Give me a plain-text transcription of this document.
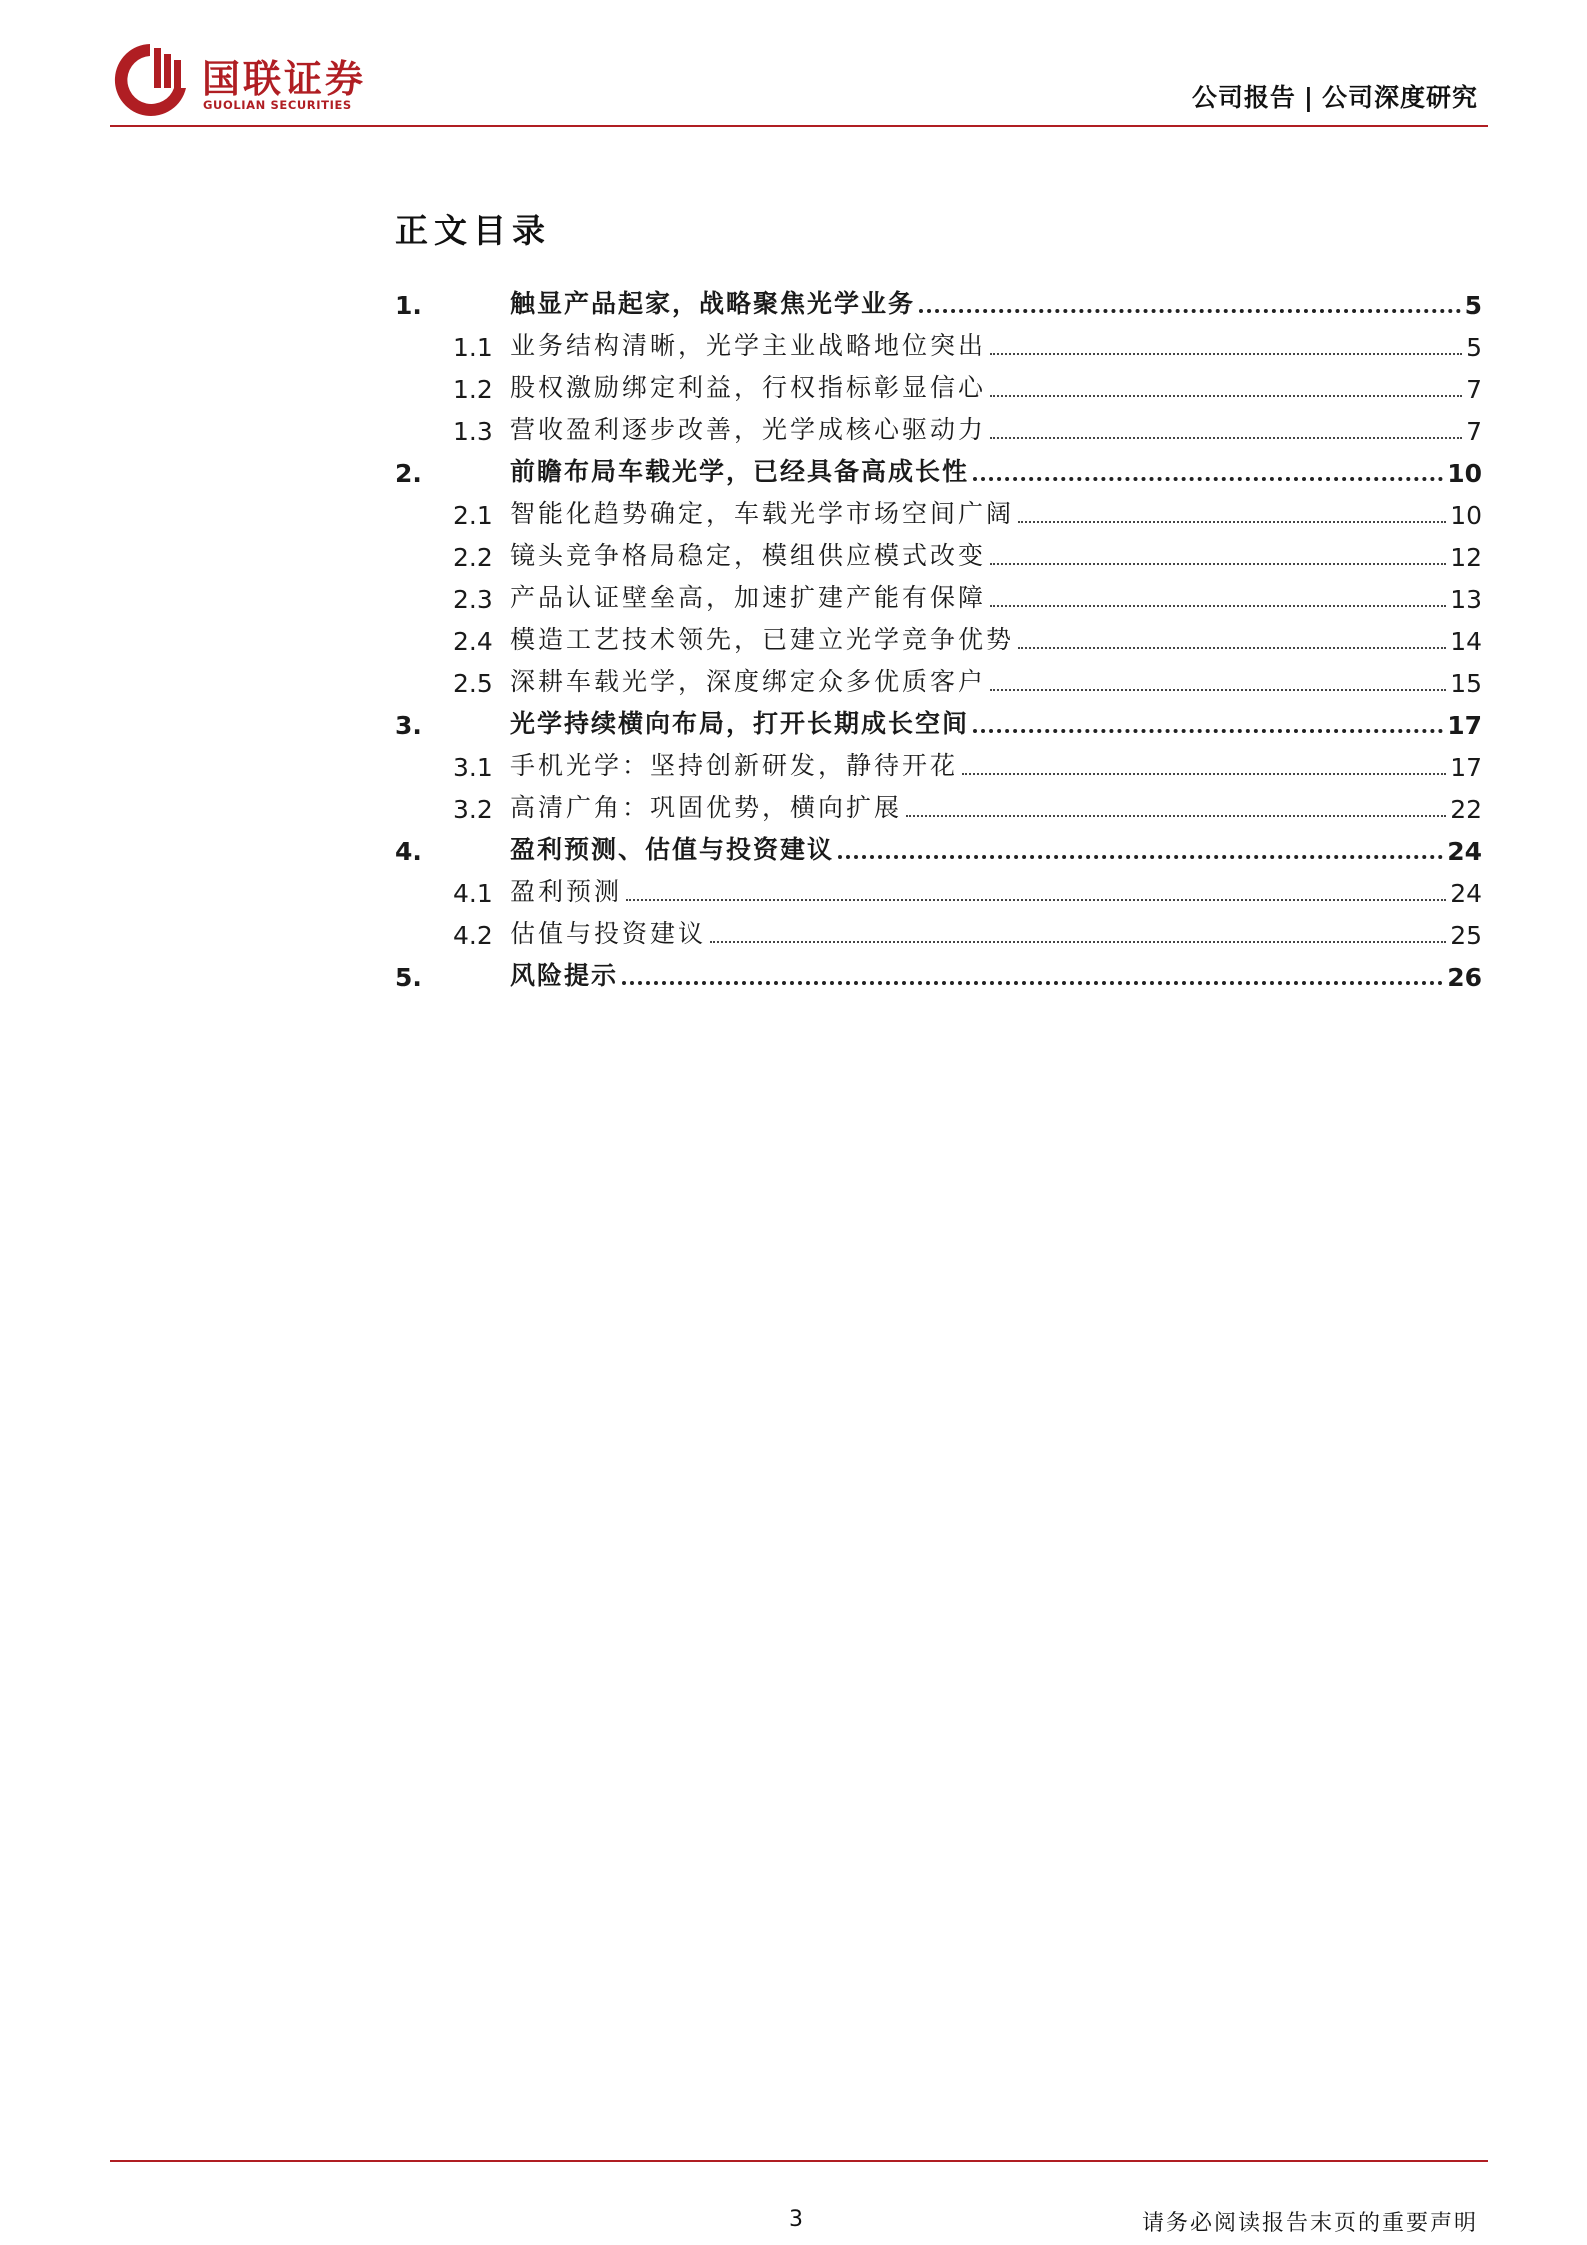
国联证券
GUOLIAN SECURITIES	公司报告 | 公司深度研究
正文目录
1.	触显产品起家，战略聚焦光学业务	5
1.1 业务结构清晰，光学主业战略地位突出	5
1.2 股权激励绑定利益，行权指标彰显信心	7
1.3 营收盈利逐步改善，光学成核心驱动力	7
2.	前瞻布局车载光学，已经具备高成长性	10
2.1 智能化趋势确定，车载光学市场空间广阔	10
2.2 镜头竞争格局稳定，模组供应模式改变	12
2.3 产品认证壁垒高，加速扩建产能有保障	13
2.4 模造工艺技术领先，已建立光学竞争优势	14
2.5 深耕车载光学，深度绑定众多优质客户	15
3.	光学持续横向布局，打开长期成长空间	17
3.1 手机光学：坚持创新研发，静待开花	17
3.2 高清广角：巩固优势，横向扩展	22
4.	盈利预测、估值与投资建议	24
4.1 盈利预测	24
4.2 估值与投资建议	25
5.	风险提示	26
3	请务必阅读报告末页的重要声明
